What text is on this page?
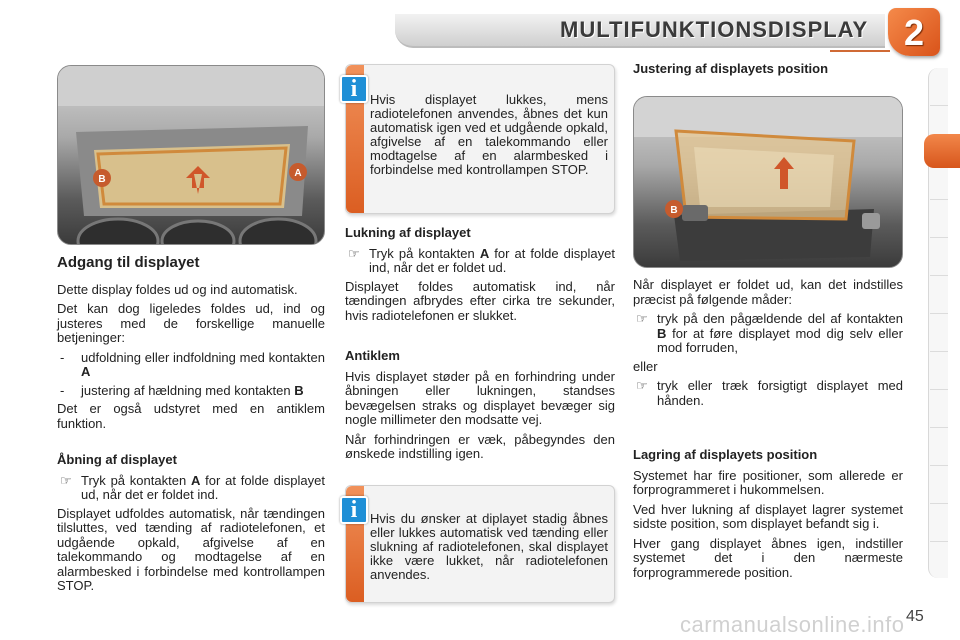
MULTIFUNKTIONSDISPLAY 2
B
A
B
Adgang til displayet

Dette display foldes ud og ind automatisk.

Det kan dog ligeledes foldes ud, ind og justeres med de forskellige manuelle betjeninger:

- udfoldning eller indfoldning med kontakten A
- justering af hældning med kontakten B

Det er også udstyret med en antiklem funktion.

Åbning af displayet
☞ Tryk på kontakten A for at folde displayet ud, når det er foldet ind.

Displayet udfoldes automatisk, når tændingen tilsluttes, ved tænding af radiotelefonen, et udgående opkald, afgivelse af en talekommando og modtagelse af en alarmbesked i forbindelse med kontrollampen STOP.

i Hvis displayet lukkes, mens radiotelefonen anvendes, åbnes det kun automatisk igen ved et udgående opkald, afgivelse af en talekommando eller modtagelse af en alarmbesked i forbindelse med kontrollampen STOP.
Lukning af displayet
☞ Tryk på kontakten A for at folde displayet ind, når det er foldet ud.

Displayet foldes automatisk ind, når tændingen afbrydes efter cirka tre sekunder, hvis radiotelefonen er slukket.

Antiklem

Hvis displayet støder på en forhindring under åbningen eller lukningen, standses bevægelsen straks og displayet bevæger sig nogle millimeter den modsatte vej.

Når forhindringen er væk, påbegyndes den ønskede indstilling igen.

i Hvis du ønsker at diplayet stadig åbnes eller lukkes automatisk ved tænding eller slukning af radiotelefonen, skal displayet ikke være lukket, når radiotelefonen anvendes.
Justering af displayets position

Når displayet er foldet ud, kan det indstilles præcist på følgende måder:

☞ tryk på den pågældende del af kontakten B for at føre displayet mod dig selv eller mod forruden,

eller

☞ tryk eller træk forsigtigt displayet med hånden.
Lagring af displayets position

Systemet har fire positioner, som allerede er forprogrammeret i hukommelsen.

Ved hver lukning af displayet lagrer systemet sidste position, som displayet befandt sig i.

Hver gang displayet åbnes igen, indstiller systemet det i den nærmeste forprogrammerede position.

carmanualsonline.info 45
